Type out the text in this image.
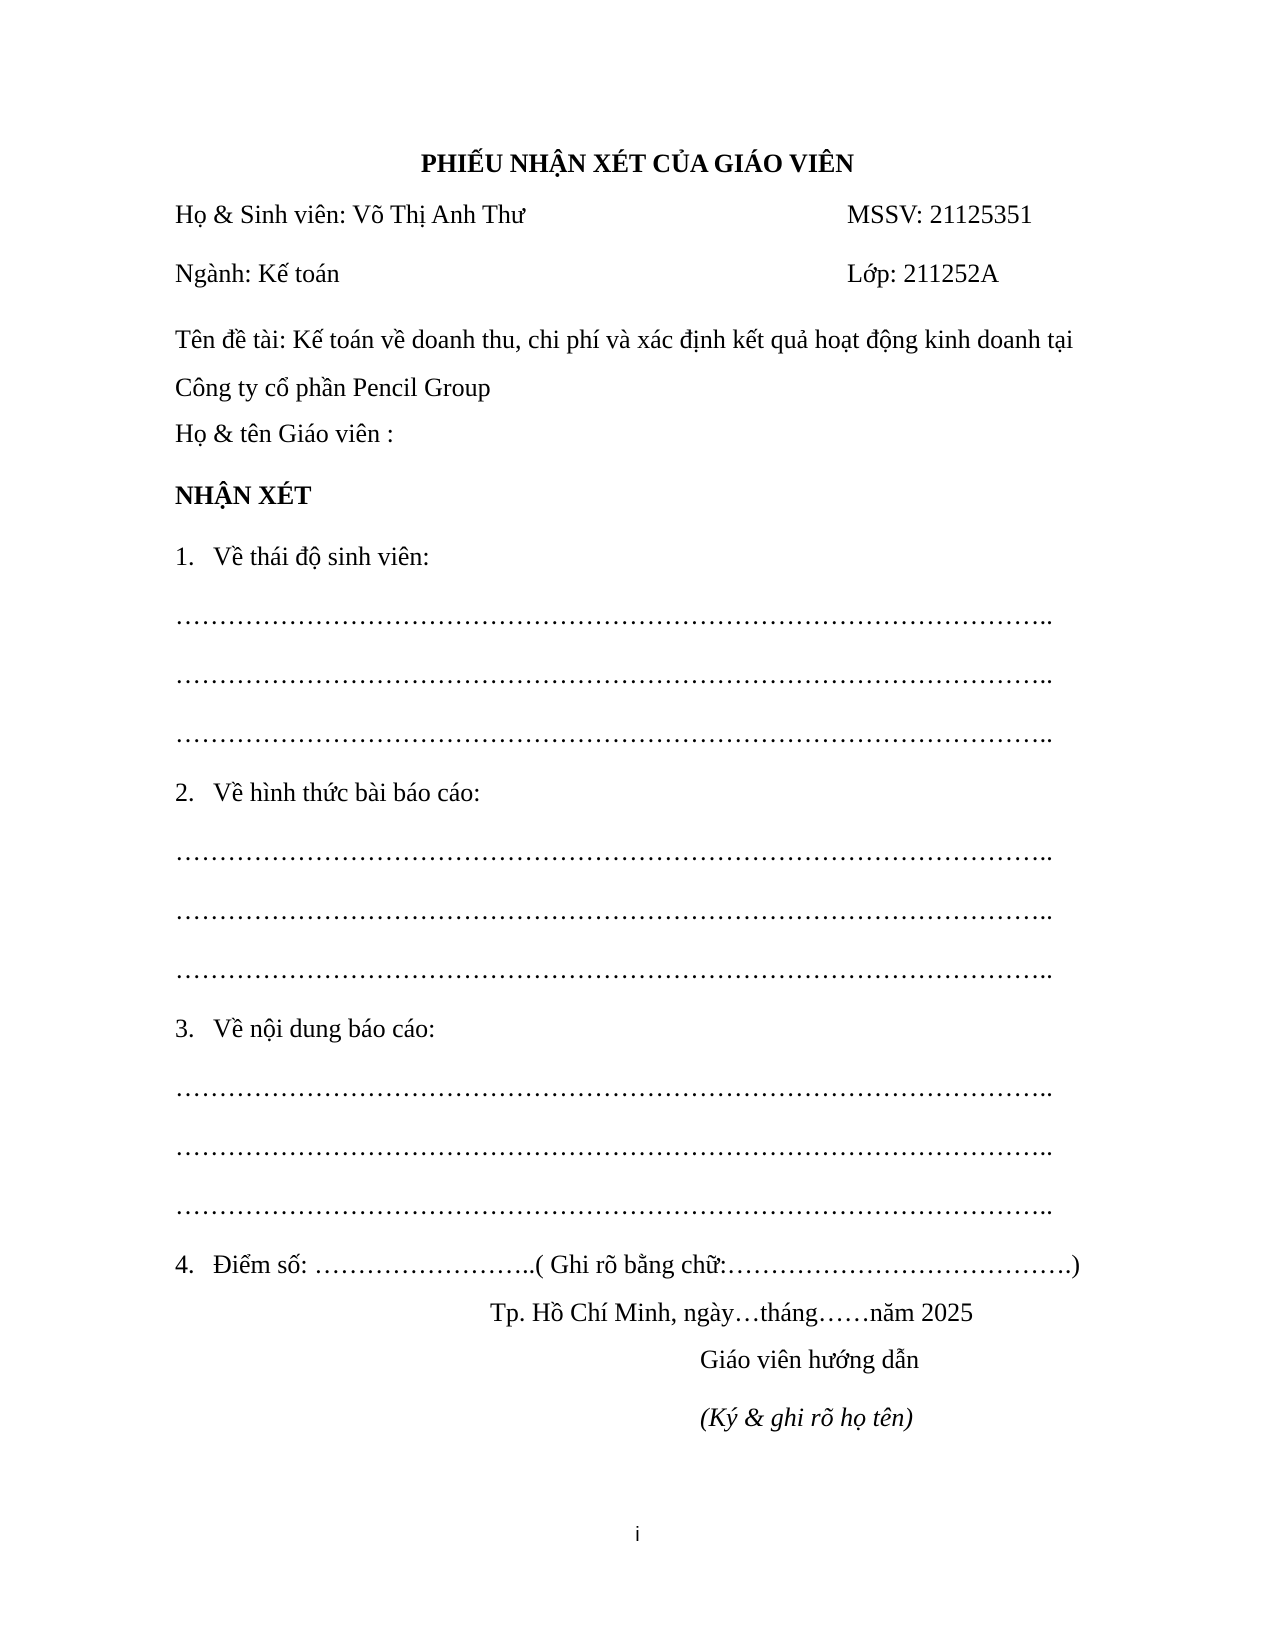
PHIẾU NHẬN XÉT CỦA GIÁO VIÊN
Họ & Sinh viên: Võ Thị Anh Thư	MSSV: 21125351
Ngành: Kế toán	Lớp: 211252A
Tên đề tài: Kế toán về doanh thu, chi phí và xác định kết quả hoạt động kinh doanh tại
Công ty cổ phần Pencil Group
Họ & tên Giáo viên :
NHẬN XÉT
1. Về thái độ sinh viên:
………………………………………………………………………………………..
………………………………………………………………………………………..
………………………………………………………………………………………..
2. Về hình thức bài báo cáo:
………………………………………………………………………………………..
………………………………………………………………………………………..
………………………………………………………………………………………..
3. Về nội dung báo cáo:
………………………………………………………………………………………..
………………………………………………………………………………………..
………………………………………………………………………………………..
4. Điểm số: ……………………..( Ghi rõ bằng chữ:………………………………….)
Tp. Hồ Chí Minh, ngày…tháng……năm 2025
Giáo viên hướng dẫn
(Ký & ghi rõ họ tên)
i
